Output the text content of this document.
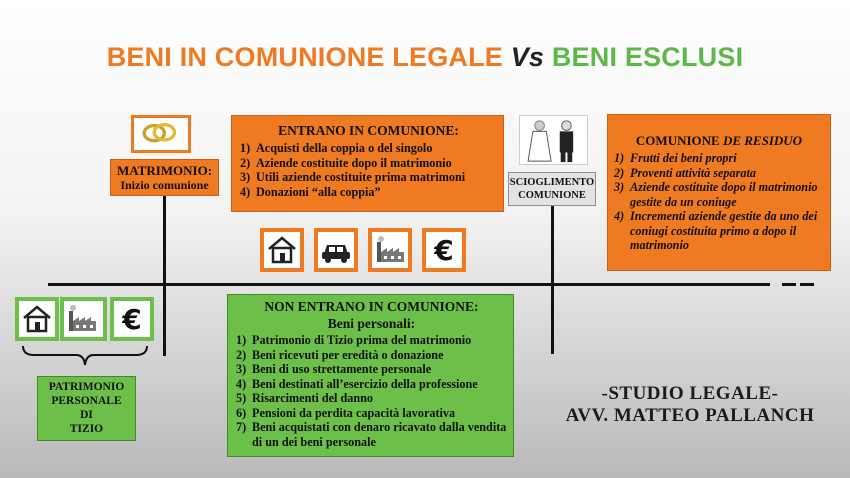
BENI IN COMUNIONE LEGALE Vs BENI ESCLUSI
MATRIMONIO:
Inizio comunione
ENTRANO IN COMUNIONE:
1) Acquisti della coppia o del singolo
2) Aziende costituite dopo il matrimonio
3) Utili aziende costituite prima matrimoni
4) Donazioni “alla coppia”
€
SCIOGLIMENTO
COMUNIONE
COMUNIONE DE RESIDUO
1) Frutti dei beni propri
2) Proventi attività separata
3) Aziende costituite dopo il matrimonio gestite da un coniuge
4) Incrementi aziende gestite da uno dei coniugi costituita primo a dopo il matrimonio
€
PATRIMONIO
PERSONALE
DI
TIZIO
NON ENTRANO IN COMUNIONE:
Beni personali:
1) Patrimonio di Tizio prima del matrimonio
2) Beni ricevuti per eredità o donazione
3) Beni di uso strettamente personale
4) Beni destinati all’esercizio della professione
5) Risarcimenti del danno
6) Pensioni da perdita capacità lavorativa
7) Beni acquistati con denaro ricavato dalla vendita di un dei beni personale
-STUDIO LEGALE-
AVV. MATTEO PALLANCH
